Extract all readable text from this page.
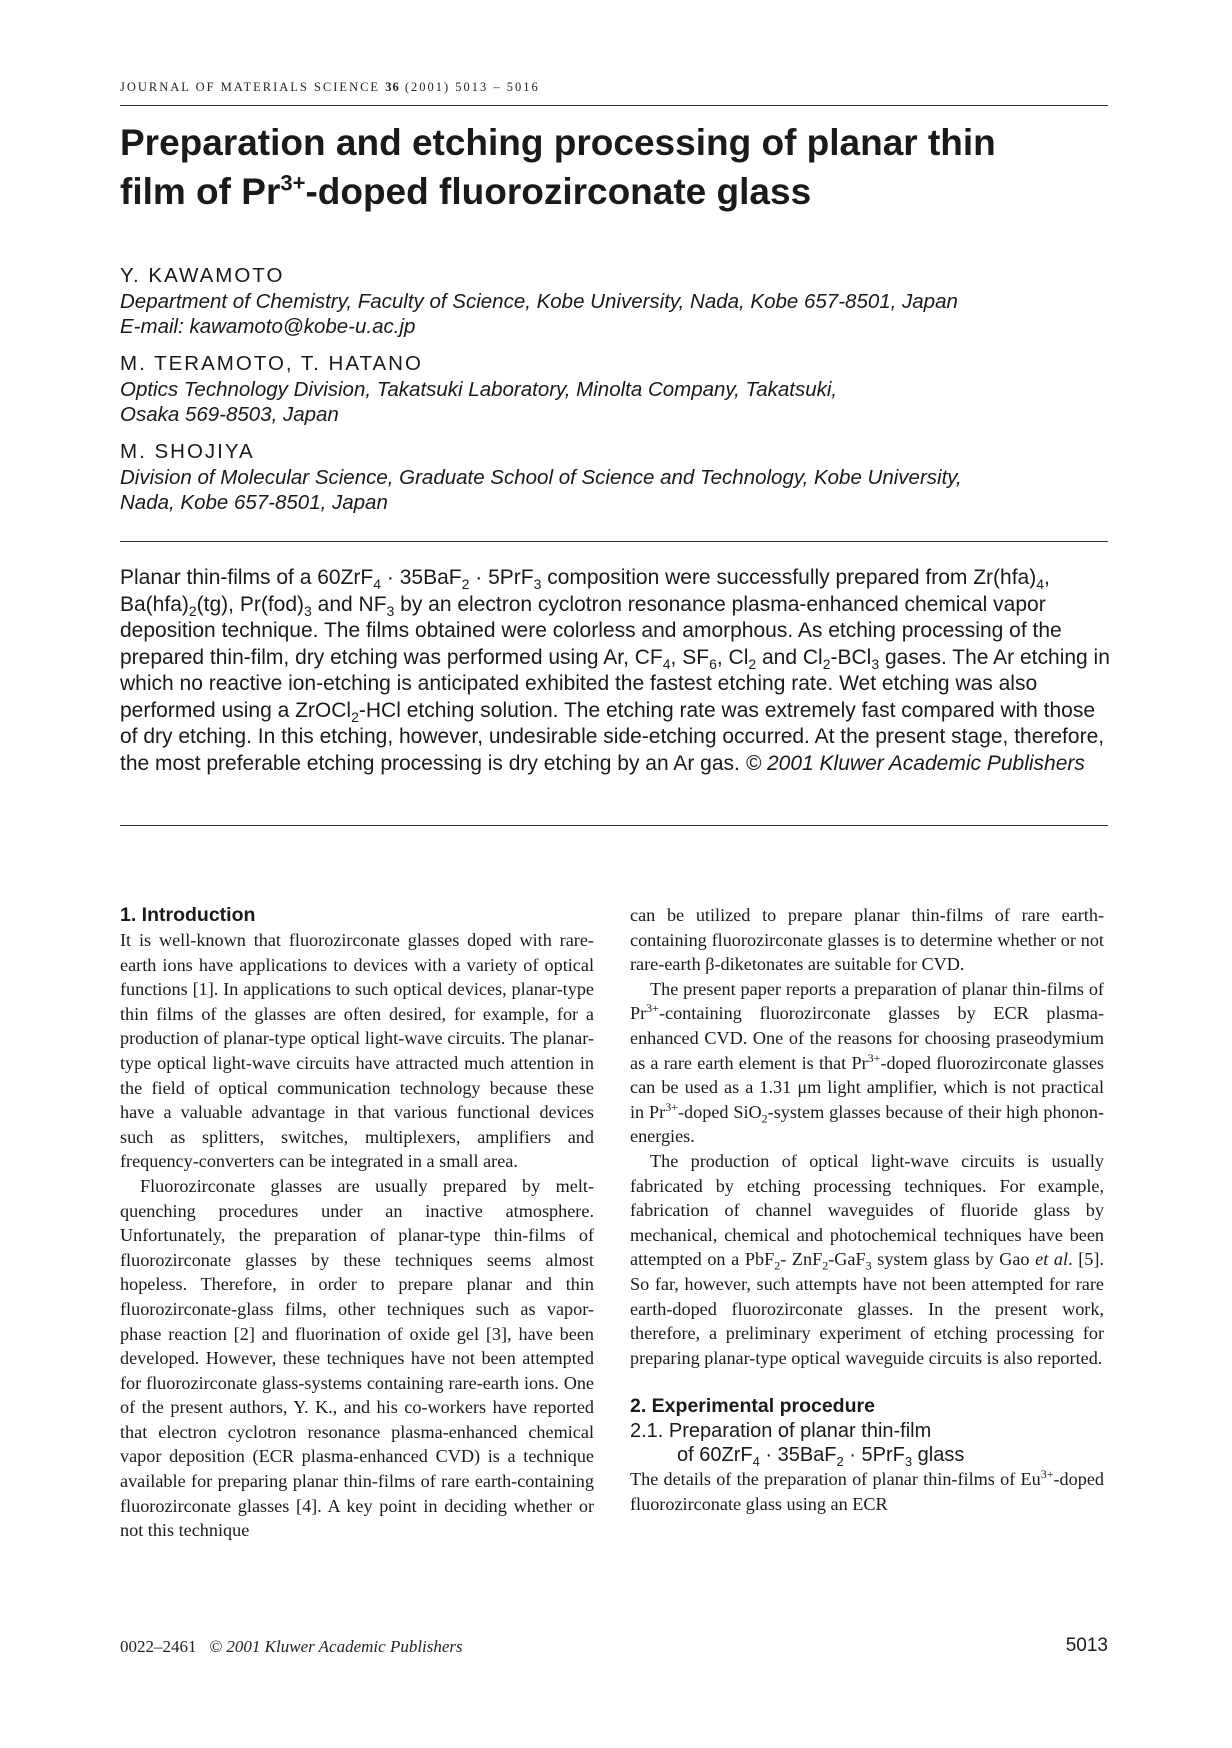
JOURNAL OF MATERIALS SCIENCE 36 (2001) 5013 – 5016
Preparation and etching processing of planar thin
film of $Pr^{3+}$-doped fluorozirconate glass
Y. KAWAMOTO
Department of Chemistry, Faculty of Science, Kobe University, Nada, Kobe 657-8501, Japan
E-mail: kawamoto@kobe-u.ac.jp
M. TERAMOTO, T. HATANO
Optics Technology Division, Takatsuki Laboratory, Minolta Company, Takatsuki,
Osaka 569-8503, Japan
M. SHOJIYA
Division of Molecular Science, Graduate School of Science and Technology, Kobe University,
Nada, Kobe 657-8501, Japan
Planar thin-films of a 60ZrF$_4$ · 35BaF$_2$ · 5PrF$_3$ composition were successfully prepared from $Zr(hfa)_4$, $Ba(hfa)_2(tg)$, $Pr(fod)_3$ and $NF_3$ by an electron cyclotron resonance plasma-enhanced chemical vapor deposition technique. The films obtained were colorless and amorphous. As etching processing of the prepared thin-film, dry etching was performed using Ar, $CF_4$, $SF_6$, $Cl_2$ and $Cl_2-BCl_3$ gases. The Ar etching in which no reactive ion-etching is anticipated exhibited the fastest etching rate. Wet etching was also performed using a ZrOCl$_2$-HCl etching solution. The etching rate was extremely fast compared with those of dry etching. In this etching, however, undesirable side-etching occurred. At the present stage, therefore, the most preferable etching processing is dry etching by an Ar gas. © 2001 Kluwer Academic Publishers
1. Introduction

It is well-known that fluorozirconate glasses doped with rare-earth ions have applications to devices with a variety of optical functions [1]. In applications to such optical devices, planar-type thin films of the glasses are often desired, for example, for a production of planar-type optical light-wave circuits. The planar-type optical light-wave circuits have attracted much attention in the field of optical communication technology because these have a valuable advantage in that various functional devices such as splitters, switches, multiplexers, amplifiers and frequency-converters can be integrated in a small area.

Fluorozirconate glasses are usually prepared by melt-quenching procedures under an inactive atmosphere. Unfortunately, the preparation of planar-type thin-films of fluorozirconate glasses by these techniques seems almost hopeless. Therefore, in order to prepare planar and thin fluorozirconate-glass films, other techniques such as vapor-phase reaction [2] and fluorination of oxide gel [3], have been developed. However, these techniques have not been attempted for fluorozirconate glass-systems containing rare-earth ions. One of the present authors, Y. K., and his co-workers have reported that electron cyclotron resonance plasma-enhanced chemical vapor deposition (ECR plasma-enhanced CVD) is a technique available for preparing planar thin-films of rare earth-containing fluorozirconate glasses [4]. A key point in deciding whether or not this technique

can be utilized to prepare planar thin-films of rare earth-containing fluorozirconate glasses is to determine whether or not rare-earth β-diketonates are suitable for CVD.

The present paper reports a preparation of planar thin-films of $Pr^{3+}$-containing fluorozirconate glasses by ECR plasma-enhanced CVD. One of the reasons for choosing praseodymium as a rare earth element is that $Pr^{3+}$-doped fluorozirconate glasses can be used as a 1.31 μm light amplifier, which is not practical in $Pr^{3+}$-doped SiO$_2$-system glasses because of their high phonon-energies.

The production of optical light-wave circuits is usually fabricated by etching processing techniques. For example, fabrication of channel waveguides of fluoride glass by mechanical, chemical and photochemical techniques have been attempted on a PbF$_2$- ZnF$_2$-GaF$_3$ system glass by Gao et al. [5]. So far, however, such attempts have not been attempted for rare earth-doped fluorozirconate glasses. In the present work, therefore, a preliminary experiment of etching processing for preparing planar-type optical waveguide circuits is also reported.

2. Experimental procedure
2.1. Preparation of planar thin-film
of 60ZrF$_4$ · 35BaF$_2$ · 5PrF$_3$ glass

The details of the preparation of planar thin-films of $Eu^{3+}$-doped fluorozirconate glass using an ECR

0022–2461 © 2001 Kluwer Academic Publishers	5013
